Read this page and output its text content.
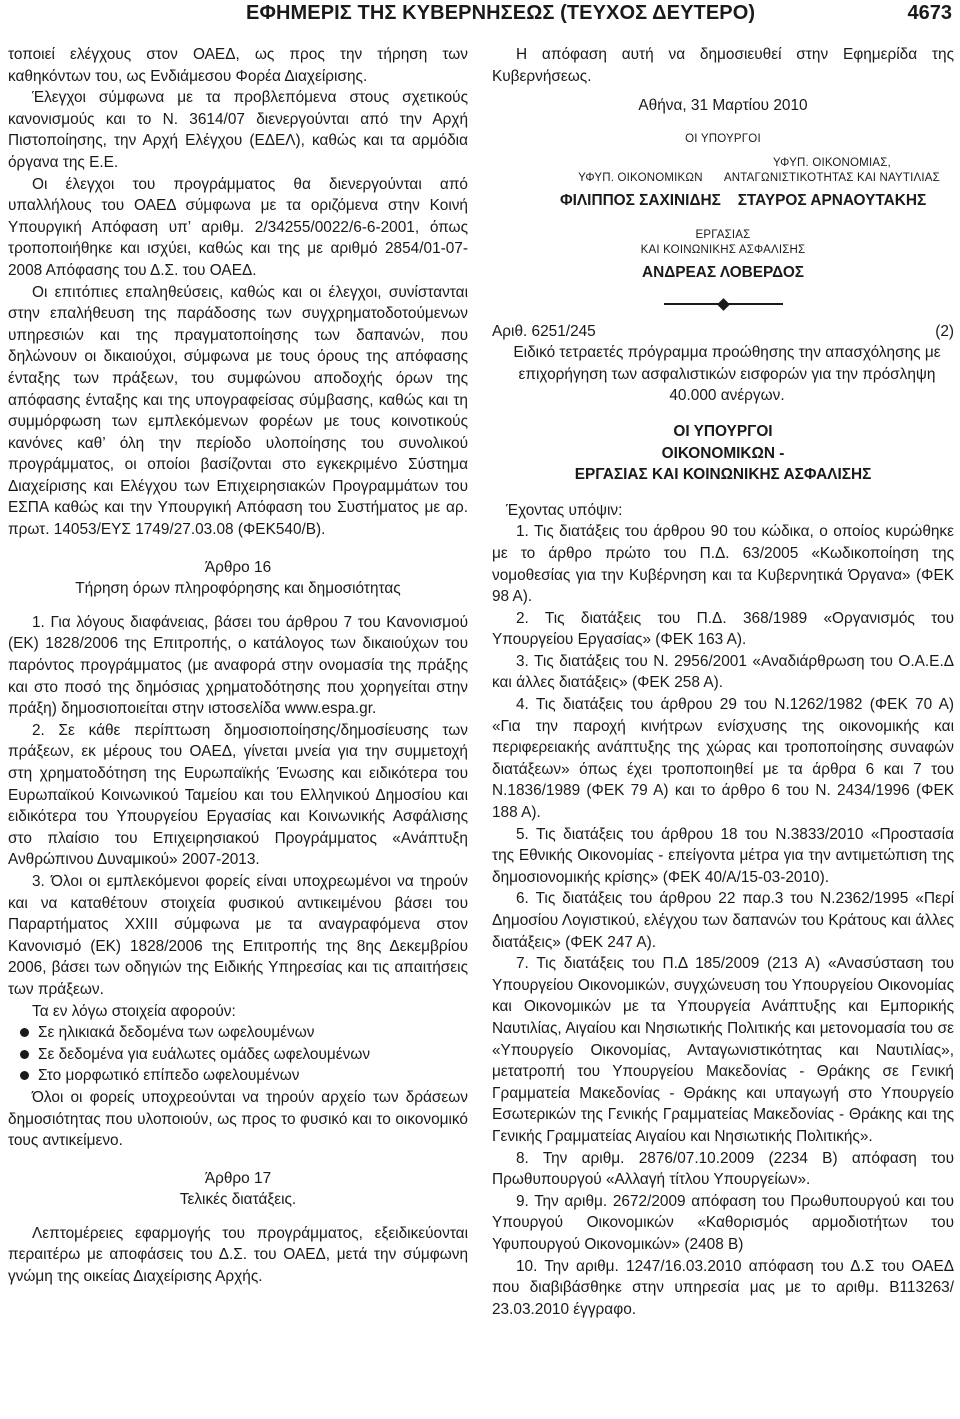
ΕΦΗΜΕΡΙΣ ΤΗΣ ΚΥΒΕΡΝΗΣΕΩΣ (ΤΕΥΧΟΣ ΔΕΥΤΕΡΟ)	4673

τοποιεί ελέγχους στον ΟΑΕΔ, ως προς την τήρηση των καθηκόντων του, ως Ενδιάμεσου Φορέα Διαχείρισης.

Έλεγχοι σύμφωνα με τα προβλεπόμενα στους σχετικούς κανονισμούς και το Ν. 3614/07 διενεργούνται από την Αρχή Πιστοποίησης, την Αρχή Ελέγχου (ΕΔΕΛ), καθώς και τα αρμόδια όργανα της Ε.Ε.

Οι έλεγχοι του προγράμματος θα διενεργούνται από υπαλλήλους του ΟΑΕΔ σύμφωνα με τα οριζόμενα στην Κοινή Υπουργική Απόφαση υπ’ αριθμ. 2/34255/0022/6-6-2001, όπως τροποποιήθηκε και ισχύει, καθώς και της με αριθμό 2854/01-07-2008 Απόφασης του Δ.Σ. του ΟΑΕΔ.

Οι επιτόπιες επαληθεύσεις, καθώς και οι έλεγχοι, συνίστανται στην επαλήθευση της παράδοσης των συγχρηματοδοτούμενων υπηρεσιών και της πραγματοποίησης των δαπανών, που δηλώνουν οι δικαιούχοι, σύμφωνα με τους όρους της απόφασης ένταξης των πράξεων, του συμφώνου αποδοχής όρων της απόφασης ένταξης και της υπογραφείσας σύμβασης, καθώς και τη συμμόρφωση των εμπλεκόμενων φορέων με τους κοινοτικούς κανόνες καθ’ όλη την περίοδο υλοποίησης του συνολικού προγράμματος, οι οποίοι βασίζονται στο εγκεκριμένο Σύστημα Διαχείρισης και Ελέγχου των Επιχειρησιακών Προγραμμάτων του ΕΣΠΑ καθώς και την Υπουργική Απόφαση του Συστήματος με αρ. πρωτ. 14053/ΕΥΣ 1749/27.03.08 (ΦΕΚ540/Β).

Άρθρο 16

Τήρηση όρων πληροφόρησης και δημοσιότητας

1. Για λόγους διαφάνειας, βάσει του άρθρου 7 του Κανονισμού (ΕΚ) 1828/2006 της Επιτροπής, ο κατάλογος των δικαιούχων του παρόντος προγράμματος (με αναφορά στην ονομασία της πράξης και στο ποσό της δημόσιας χρηματοδότησης που χορηγείται στην πράξη) δημοσιοποιείται στην ιστοσελίδα www.espa.gr.

2. Σε κάθε περίπτωση δημοσιοποίησης/δημοσίευσης των πράξεων, εκ μέρους του ΟΑΕΔ, γίνεται μνεία για την συμμετοχή στη χρηματοδότηση της Ευρωπαϊκής Ένωσης και ειδικότερα του Ευρωπαϊκού Κοινωνικού Ταμείου και του Ελληνικού Δημοσίου και ειδικότερα του Υπουργείου Εργασίας και Κοινωνικής Ασφάλισης στο πλαίσιο του Επιχειρησιακού Προγράμματος «Ανάπτυξη Ανθρώπινου Δυναμικού» 2007-2013.

3. Όλοι οι εμπλεκόμενοι φορείς είναι υποχρεωμένοι να τηρούν και να καταθέτουν στοιχεία φυσικού αντικειμένου βάσει του Παραρτήματος XXIII σύμφωνα με τα αναγραφόμενα στον Κανονισμό (ΕΚ) 1828/2006 της Επιτροπής της 8ης Δεκεμβρίου 2006, βάσει των οδηγιών της Ειδικής Υπηρεσίας και τις απαιτήσεις των πράξεων.

Τα εν λόγω στοιχεία αφορούν:

Σε ηλικιακά δεδομένα των ωφελουμένων
Σε δεδομένα για ευάλωτες ομάδες ωφελουμένων
Στο μορφωτικό επίπεδο ωφελουμένων

Όλοι οι φορείς υποχρεούνται να τηρούν αρχείο των δράσεων δημοσιότητας που υλοποιούν, ως προς το φυσικό και το οικονομικό τους αντικείμενο.

Άρθρο 17

Τελικές διατάξεις.

Λεπτομέρειες εφαρμογής του προγράμματος, εξειδικεύονται περαιτέρω με αποφάσεις του Δ.Σ. του ΟΑΕΔ, μετά την σύμφωνη γνώμη της οικείας Διαχείρισης Αρχής.

Η απόφαση αυτή να δημοσιευθεί στην Εφημερίδα της Κυβερνήσεως.

Αθήνα, 31 Μαρτίου 2010
ΟΙ ΥΠΟΥΡΓΟΙ
ΥΦΥΠ. ΟΙΚΟΝΟΜΙΚΩΝ
ΦΙΛΙΠΠΟΣ ΣΑΧΙΝΙΔΗΣ
ΥΦΥΠ. ΟΙΚΟΝΟΜΙΑΣ,
ΑΝΤΑΓΩΝΙΣΤΙΚΟΤΗΤΑΣ ΚΑΙ ΝΑΥΤΙΛΙΑΣ
ΣΤΑΥΡΟΣ ΑΡΝΑΟΥΤΑΚΗΣ
ΕΡΓΑΣΙΑΣ
ΚΑΙ ΚΟΙΝΩΝΙΚΗΣ ΑΣΦΑΛΙΣΗΣ
ΑΝΔΡΕΑΣ ΛΟΒΕΡΔΟΣ
Αριθ. 6251/245	(2)

Ειδικό τετραετές πρόγραμμα προώθησης την απασχόλησης με επιχορήγηση των ασφαλιστικών εισφορών για την πρόσληψη 40.000 ανέργων.

ΟΙ ΥΠΟΥΡΓΟΙ
ΟΙΚΟΝΟΜΙΚΩΝ -
ΕΡΓΑΣΙΑΣ ΚΑΙ ΚΟΙΝΩΝΙΚΗΣ ΑΣΦΑΛΙΣΗΣ

Έχοντας υπόψιν:

1. Τις διατάξεις του άρθρου 90 του κώδικα, ο οποίος κυρώθηκε με το άρθρο πρώτο του Π.Δ. 63/2005 «Κωδικοποίηση της νομοθεσίας για την Κυβέρνηση και τα Κυβερνητικά Όργανα» (ΦΕΚ 98 Α).

2. Τις διατάξεις του Π.Δ. 368/1989 «Οργανισμός του Υπουργείου Εργασίας» (ΦΕΚ 163 Α).

3. Τις διατάξεις του Ν. 2956/2001 «Αναδιάρθρωση του Ο.Α.Ε.Δ και άλλες διατάξεις» (ΦΕΚ 258 Α).

4. Τις διατάξεις του άρθρου 29 του Ν.1262/1982 (ΦΕΚ 70 Α) «Για την παροχή κινήτρων ενίσχυσης της οικονομικής και περιφερειακής ανάπτυξης της χώρας και τροποποίησης συναφών διατάξεων» όπως έχει τροποποιηθεί με τα άρθρα 6 και 7 του Ν.1836/1989 (ΦΕΚ 79 Α) και το άρθρο 6 του Ν. 2434/1996 (ΦΕΚ 188 Α).

5. Τις διατάξεις του άρθρου 18 του Ν.3833/2010 «Προστασία της Εθνικής Οικονομίας - επείγοντα μέτρα για την αντιμετώπιση της δημοσιονομικής κρίσης» (ΦΕΚ 40/Α/15-03-2010).

6. Τις διατάξεις του άρθρου 22 παρ.3 του Ν.2362/1995 «Περί Δημοσίου Λογιστικού, ελέγχου των δαπανών του Κράτους και άλλες διατάξεις» (ΦΕΚ 247 Α).

7. Τις διατάξεις του Π.Δ 185/2009 (213 Α) «Ανασύσταση του Υπουργείου Οικονομικών, συγχώνευση του Υπουργείου Οικονομίας και Οικονομικών με τα Υπουργεία Ανάπτυξης και Εμπορικής Ναυτιλίας, Αιγαίου και Νησιωτικής Πολιτικής και μετονομασία του σε «Υπουργείο Οικονομίας, Ανταγωνιστικότητας και Ναυτιλίας», μετατροπή του Υπουργείου Μακεδονίας - Θράκης σε Γενική Γραμματεία Μακεδονίας - Θράκης και υπαγωγή στο Υπουργείο Εσωτερικών της Γενικής Γραμματείας Μακεδονίας - Θράκης και της Γενικής Γραμματείας Αιγαίου και Νησιωτικής Πολιτικής».

8. Την αριθμ. 2876/07.10.2009 (2234 Β) απόφαση του Πρωθυπουργού «Αλλαγή τίτλου Υπουργείων».

9. Την αριθμ. 2672/2009 απόφαση του Πρωθυπουργού και του Υπουργού Οικονομικών «Καθορισμός αρμοδιοτήτων του Υφυπουργού Οικονομικών» (2408 Β)

10. Την αριθμ. 1247/16.03.2010 απόφαση του Δ.Σ του ΟΑΕΔ που διαβιβάσθηκε στην υπηρεσία μας με το αριθμ. Β113263/ 23.03.2010 έγγραφο.
